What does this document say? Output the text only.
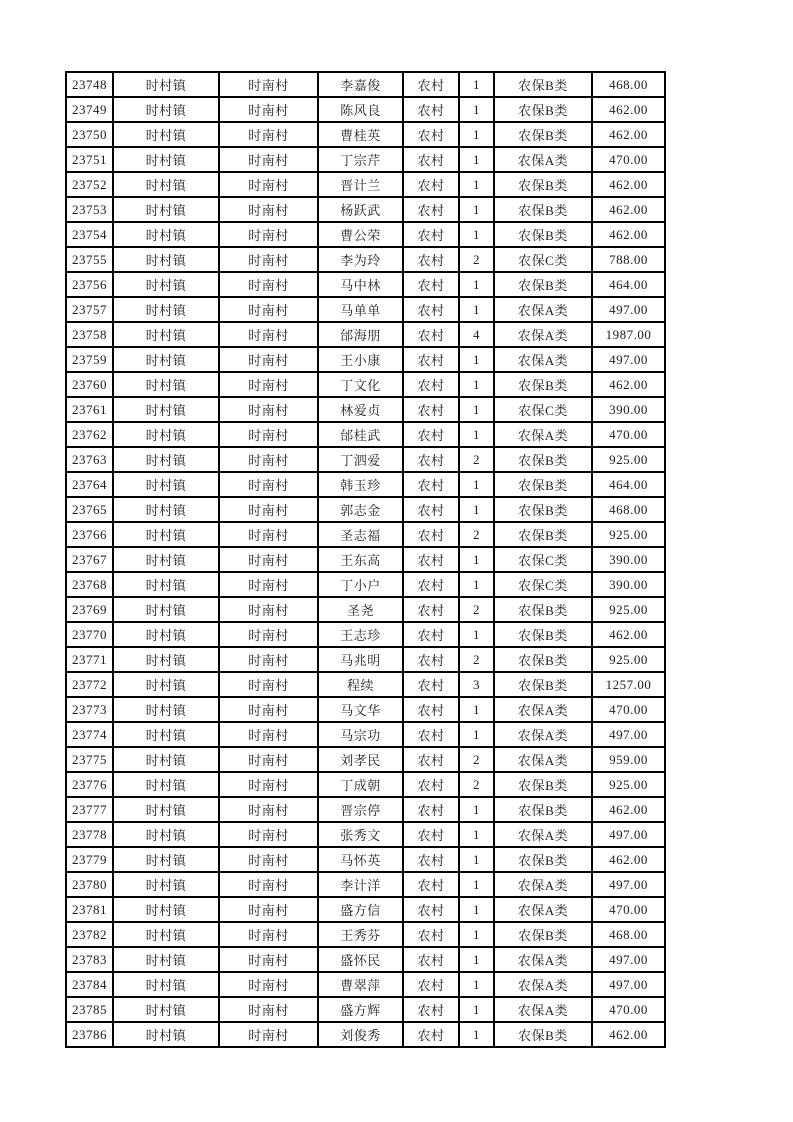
23748	时村镇	时南村	李嘉俊	农村	1	农保B类	468.00
23749	时村镇	时南村	陈风良	农村	1	农保B类	462.00
23750	时村镇	时南村	曹桂英	农村	1	农保B类	462.00
23751	时村镇	时南村	丁宗芹	农村	1	农保A类	470.00
23752	时村镇	时南村	晋计兰	农村	1	农保B类	462.00
23753	时村镇	时南村	杨跃武	农村	1	农保B类	462.00
23754	时村镇	时南村	曹公荣	农村	1	农保B类	462.00
23755	时村镇	时南村	李为玲	农村	2	农保C类	788.00
23756	时村镇	时南村	马中林	农村	1	农保B类	464.00
23757	时村镇	时南村	马单单	农村	1	农保A类	497.00
23758	时村镇	时南村	邰海朋	农村	4	农保A类	1987.00
23759	时村镇	时南村	王小康	农村	1	农保A类	497.00
23760	时村镇	时南村	丁文化	农村	1	农保B类	462.00
23761	时村镇	时南村	林爱贞	农村	1	农保C类	390.00
23762	时村镇	时南村	邰桂武	农村	1	农保A类	470.00
23763	时村镇	时南村	丁泗爱	农村	2	农保B类	925.00
23764	时村镇	时南村	韩玉珍	农村	1	农保B类	464.00
23765	时村镇	时南村	郭志金	农村	1	农保B类	468.00
23766	时村镇	时南村	圣志福	农村	2	农保B类	925.00
23767	时村镇	时南村	王东高	农村	1	农保C类	390.00
23768	时村镇	时南村	丁小户	农村	1	农保C类	390.00
23769	时村镇	时南村	圣尧	农村	2	农保B类	925.00
23770	时村镇	时南村	王志珍	农村	1	农保B类	462.00
23771	时村镇	时南村	马兆明	农村	2	农保B类	925.00
23772	时村镇	时南村	程续	农村	3	农保B类	1257.00
23773	时村镇	时南村	马文华	农村	1	农保A类	470.00
23774	时村镇	时南村	马宗功	农村	1	农保A类	497.00
23775	时村镇	时南村	刘孝民	农村	2	农保A类	959.00
23776	时村镇	时南村	丁成朝	农村	2	农保B类	925.00
23777	时村镇	时南村	晋宗停	农村	1	农保B类	462.00
23778	时村镇	时南村	张秀文	农村	1	农保A类	497.00
23779	时村镇	时南村	马怀英	农村	1	农保B类	462.00
23780	时村镇	时南村	李计洋	农村	1	农保A类	497.00
23781	时村镇	时南村	盛方信	农村	1	农保A类	470.00
23782	时村镇	时南村	王秀芬	农村	1	农保B类	468.00
23783	时村镇	时南村	盛怀民	农村	1	农保A类	497.00
23784	时村镇	时南村	曹翠萍	农村	1	农保A类	497.00
23785	时村镇	时南村	盛方辉	农村	1	农保A类	470.00
23786	时村镇	时南村	刘俊秀	农村	1	农保B类	462.00
